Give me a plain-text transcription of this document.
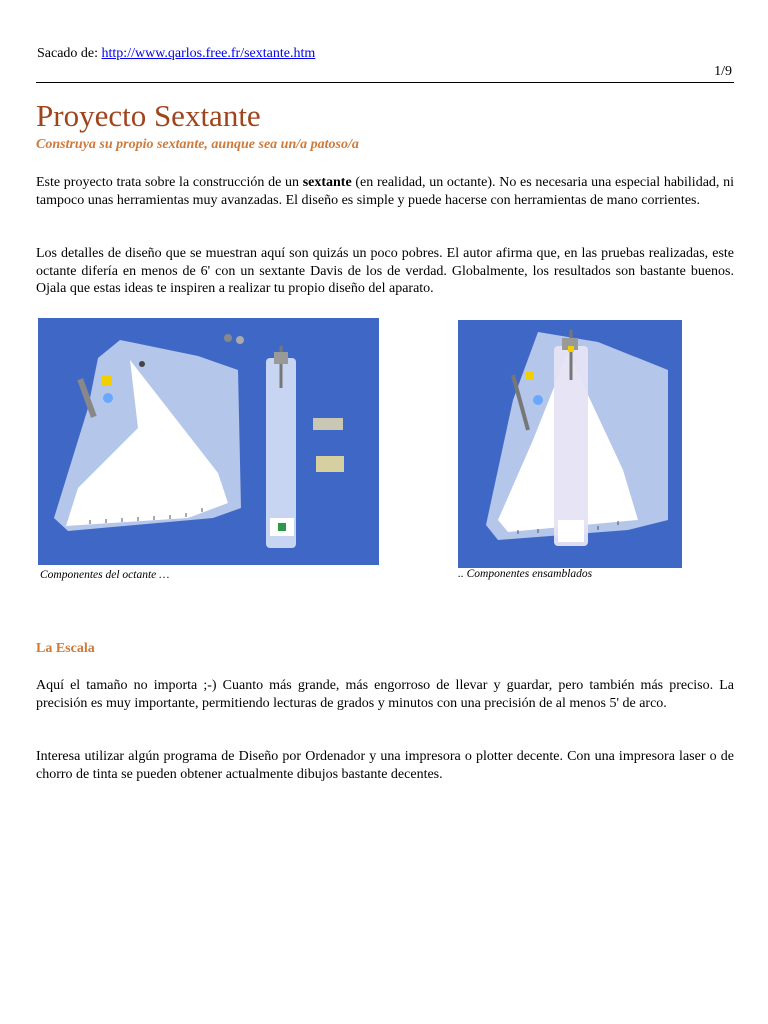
Sacado de: http://www.qarlos.free.fr/sextante.htm
1/9
Proyecto Sextante

Construya su propio sextante, aunque sea un/a patoso/a

Este proyecto trata sobre la construcción de un sextante (en realidad, un octante). No es necesaria una especial habilidad, ni tampoco unas herramientas muy avanzadas. El diseño es simple y puede hacerse con herramientas de mano corrientes.

Los detalles de diseño que se muestran aquí son quizás un poco pobres. El autor afirma que, en las pruebas realizadas, este octante difería en menos de 6' con un sextante Davis de los de verdad. Globalmente, los resultados son bastante buenos. Ojala que estas ideas te inspiren a realizar tu propio diseño del aparato.

Componentes del octante …	.. Componentes ensamblados
La Escala

Aquí el tamaño no importa ;-) Cuanto más grande, más engorroso de llevar y guardar, pero también más preciso. La precisión es muy importante, permitiendo lecturas de grados y minutos con una precisión de al menos 5' de arco.

Interesa utilizar algún programa de Diseño por Ordenador y una impresora o plotter decente. Con una impresora laser o de chorro de tinta se pueden obtener actualmente dibujos bastante decentes.
